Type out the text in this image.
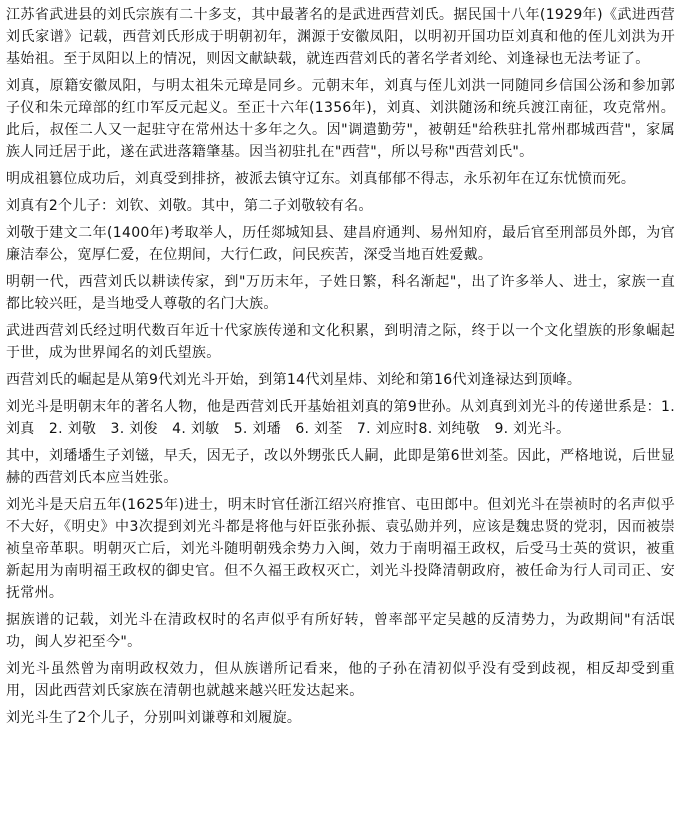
江苏省武进县的刘氏宗族有二十多支，其中最著名的是武进西营刘氏。据民国十八年(1929年)《武进西营刘氏家谱》记载，西营刘氏形成于明朝初年，渊源于安徽凤阳，以明初开国功臣刘真和他的侄儿刘洪为开基始祖。至于凤阳以上的情况，则因文献缺载，就连西营刘氏的著名学者刘纶、刘逢禄也无法考证了。

刘真，原籍安徽凤阳，与明太祖朱元璋是同乡。元朝末年，刘真与侄儿刘洪一同随同乡信国公汤和参加郭子仪和朱元璋部的红巾军反元起义。至正十六年(1356年)，刘真、刘洪随汤和统兵渡江南征，攻克常州。此后，叔侄二人又一起驻守在常州达十多年之久。因"调遣勤劳"，被朝廷"给秩驻扎常州郡城西营"，家属族人同迁居于此，遂在武进落籍肇基。因当初驻扎在"西营"，所以号称"西营刘氏"。

明成祖篡位成功后，刘真受到排挤，被派去镇守辽东。刘真郁郁不得志，永乐初年在辽东忧愤而死。

刘真有2个儿子：刘钦、刘敬。其中，第二子刘敬较有名。

刘敬于建文二年(1400年)考取举人，历任郯城知县、建昌府通判、易州知府，最后官至刑部员外郎，为官廉洁奉公，宽厚仁爱，在位期间，大行仁政，问民疾苦，深受当地百姓爱戴。

明朝一代，西营刘氏以耕读传家，到"万历末年，子姓日繁，科名渐起"，出了许多举人、进士，家族一直都比较兴旺，是当地受人尊敬的名门大族。

武进西营刘氏经过明代数百年近十代家族传递和文化积累，到明清之际，终于以一个文化望族的形象崛起于世，成为世界闻名的刘氏望族。

西营刘氏的崛起是从第9代刘光斗开始，到第14代刘星炜、刘纶和第16代刘逢禄达到顶峰。

刘光斗是明朝末年的著名人物，他是西营刘氏开基始祖刘真的第9世孙。从刘真到刘光斗的传递世系是：1. 刘真　2. 刘敬　3. 刘俊　4. 刘敏　5. 刘璠　6. 刘荃　7. 刘应时8. 刘纯敬　9. 刘光斗。

其中，刘璠墦生子刘镃，早夭，因无子，改以外甥张氏人嗣，此即是第6世刘荃。因此，严格地说，后世显赫的西营刘氏本应当姓张。

刘光斗是天启五年(1625年)进士，明末时官任浙江绍兴府推官、屯田郎中。但刘光斗在崇祯时的名声似乎不大好，《明史》中3次提到刘光斗都是将他与奸臣张孙振、袁弘勋并列，应该是魏忠贤的党羽，因而被崇祯皇帝革职。明朝灭亡后，刘光斗随明朝残余势力入闽，效力于南明福王政权，后受马士英的赏识，被重新起用为南明福王政权的御史官。但不久福王政权灭亡，刘光斗投降清朝政府，被任命为行人司司正、安抚常州。

据族谱的记载，刘光斗在清政权时的名声似乎有所好转，曾率部平定吴越的反清势力，为政期间"有活氓功，闽人岁祀至今"。

刘光斗虽然曾为南明政权效力，但从族谱所记看来，他的子孙在清初似乎没有受到歧视，相反却受到重用，因此西营刘氏家族在清朝也就越来越兴旺发达起来。

刘光斗生了2个儿子，分别叫刘谦尊和刘履旋。
